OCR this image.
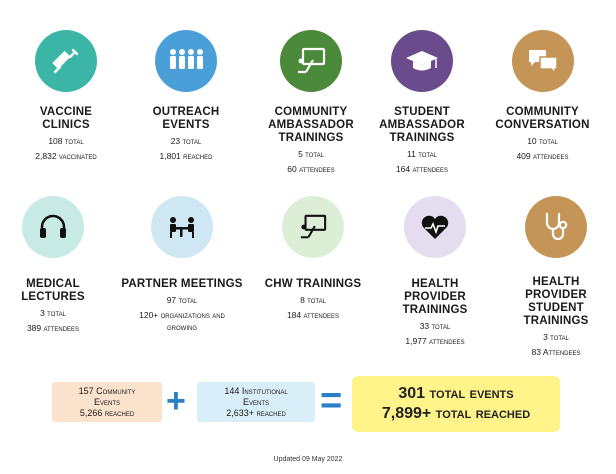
VACCINE CLINICS
108 total
2,832 vaccinated
OUTREACH EVENTS
23 total
1,801 reached
COMMUNITY AMBASSADOR TRAININGS
5 total
60 attendees
STUDENT AMBASSADOR TRAININGS
11 total
164 attendees
COMMUNITY CONVERSATION
10 total
409 attendees
MEDICAL LECTURES
3 total
389 attendees
PARTNER MEETINGS
97 total
120+ organizations and growing
CHW TRAININGS
8 total
184 attendees
HEALTH PROVIDER TRAININGS
33 total
1,977 attendees
HEALTH PROVIDER STUDENT TRAININGS
3 total
83 Attendees
157 Community
Events
5,266 reached +	144 Institutional
Events
2,633+ reached =	301 total events
7,899+ total reached
Updated 09 May 2022
